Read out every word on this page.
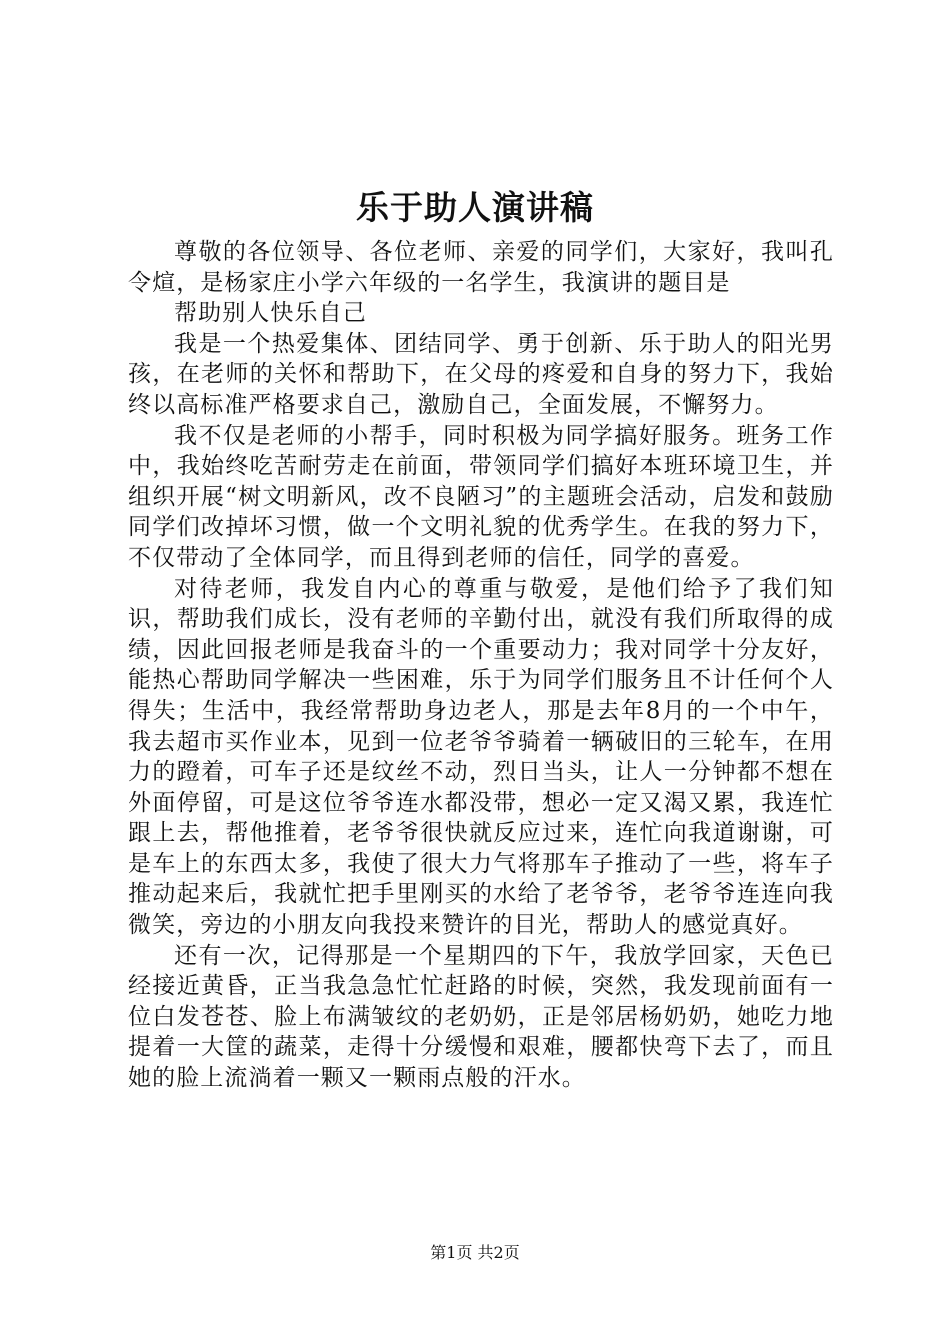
乐于助人演讲稿

尊敬的各位领导、各位老师、亲爱的同学们，大家好，我叫孔令煊，是杨家庄小学六年级的一名学生，我演讲的题目是

帮助别人快乐自己

我是一个热爱集体、团结同学、勇于创新、乐于助人的阳光男孩，在老师的关怀和帮助下，在父母的疼爱和自身的努力下，我始终以高标准严格要求自己，激励自己，全面发展，不懈努力。

我不仅是老师的小帮手，同时积极为同学搞好服务。班务工作中，我始终吃苦耐劳走在前面，带领同学们搞好本班环境卫生，并组织开展“树文明新风，改不良陋习”的主题班会活动，启发和鼓励同学们改掉坏习惯，做一个文明礼貌的优秀学生。在我的努力下，不仅带动了全体同学，而且得到老师的信任，同学的喜爱。

对待老师，我发自内心的尊重与敬爱，是他们给予了我们知识，帮助我们成长，没有老师的辛勤付出，就没有我们所取得的成绩，因此回报老师是我奋斗的一个重要动力；我对同学十分友好，能热心帮助同学解决一些困难，乐于为同学们服务且不计任何个人得失；生活中，我经常帮助身边老人，那是去年8月的一个中午，我去超市买作业本，见到一位老爷爷骑着一辆破旧的三轮车，在用力的蹬着，可车子还是纹丝不动，烈日当头，让人一分钟都不想在外面停留，可是这位爷爷连水都没带，想必一定又渴又累，我连忙跟上去，帮他推着，老爷爷很快就反应过来，连忙向我道谢谢，可是车上的东西太多，我使了很大力气将那车子推动了一些，将车子推动起来后，我就忙把手里刚买的水给了老爷爷，老爷爷连连向我微笑，旁边的小朋友向我投来赞许的目光，帮助人的感觉真好。

还有一次，记得那是一个星期四的下午，我放学回家，天色已经接近黄昏，正当我急急忙忙赶路的时候，突然，我发现前面有一位白发苍苍、脸上布满皱纹的老奶奶，正是邻居杨奶奶，她吃力地提着一大筐的蔬菜，走得十分缓慢和艰难，腰都快弯下去了，而且她的脸上流淌着一颗又一颗雨点般的汗水。

第1页 共2页
